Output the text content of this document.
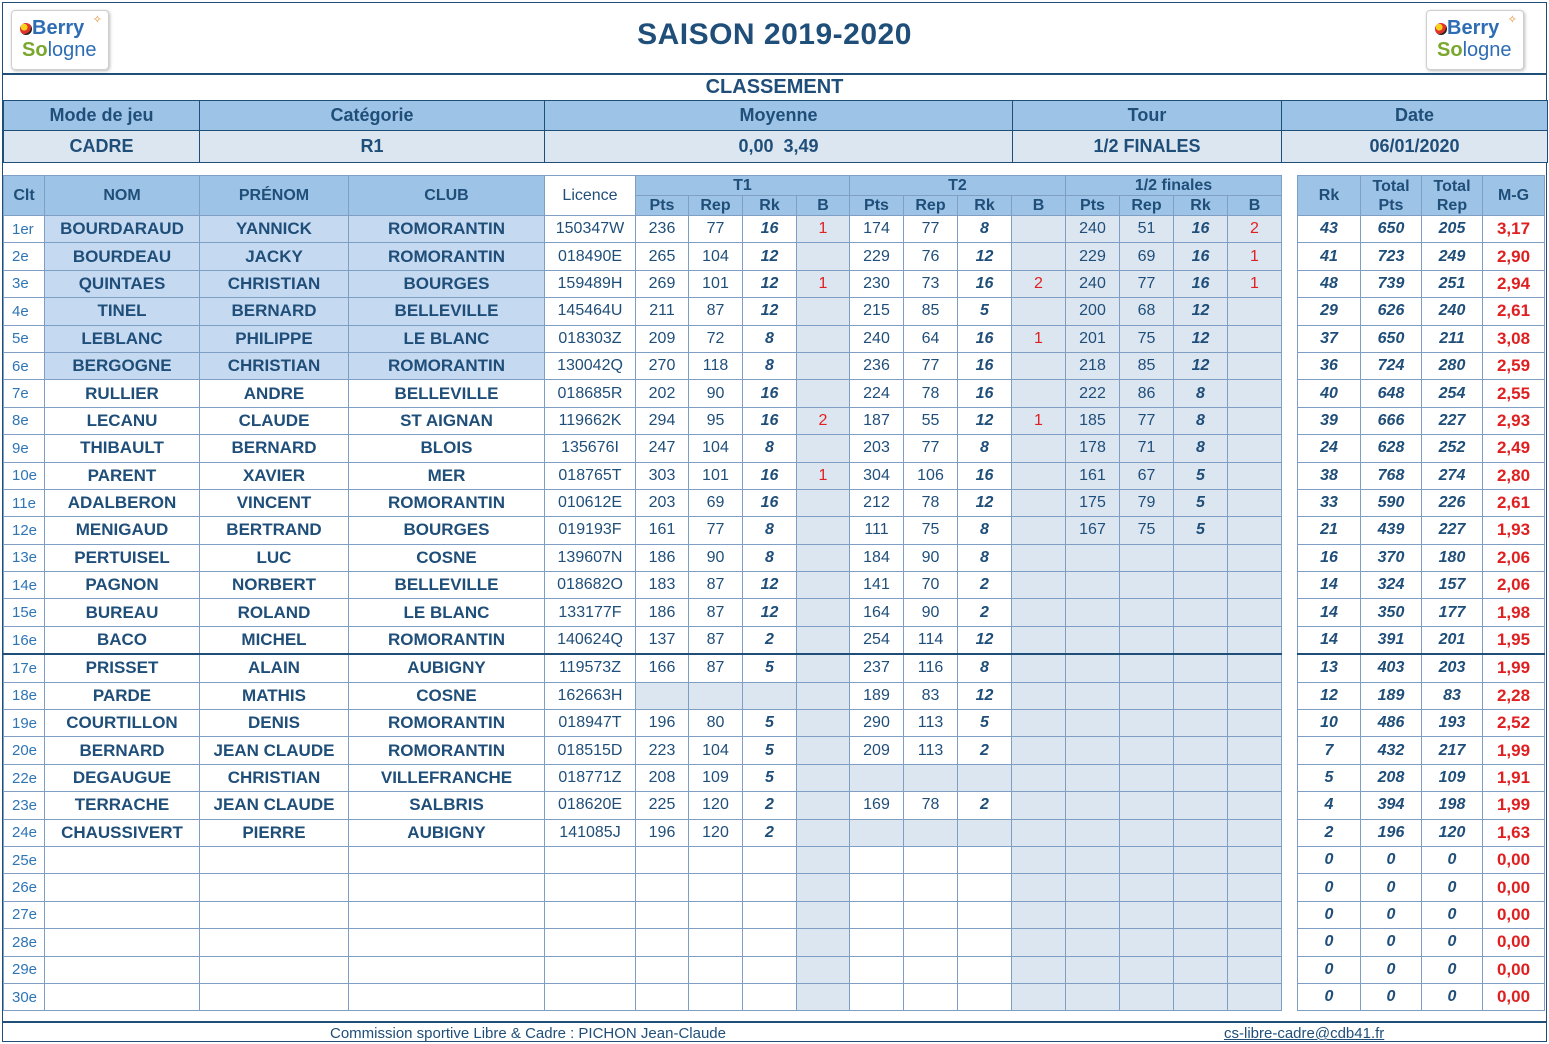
Berry
Sologne
✧	Berry
Sologne
✧
SAISON 2019-2020
CLASSEMENT
Mode de jeu	Catégorie	Moyenne	Tour	Date
CADRE	R1	0,00  3,49	1/2 FINALES	06/01/2020
Clt	NOM	PRÉNOM	CLUB	Licence	T1				T2				1/2 finales					Rk	Total Pts	Total Rep	M-G
					Pts	Rep	Rk	B	Pts	Rep	Rk	B	Pts	Rep	Rk	B					
1er	BOURDARAUD	YANNICK	ROMORANTIN	150347W	236	77	16	1	174	77	8		240	51	16	2		43	650	205	3,17
2e	BOURDEAU	JACKY	ROMORANTIN	018490E	265	104	12		229	76	12		229	69	16	1		41	723	249	2,90
3e	QUINTAES	CHRISTIAN	BOURGES	159489H	269	101	12	1	230	73	16	2	240	77	16	1		48	739	251	2,94
4e	TINEL	BERNARD	BELLEVILLE	145464U	211	87	12		215	85	5		200	68	12			29	626	240	2,61
5e	LEBLANC	PHILIPPE	LE BLANC	018303Z	209	72	8		240	64	16	1	201	75	12			37	650	211	3,08
6e	BERGOGNE	CHRISTIAN	ROMORANTIN	130042Q	270	118	8		236	77	16		218	85	12			36	724	280	2,59
7e	RULLIER	ANDRE	BELLEVILLE	018685R	202	90	16		224	78	16		222	86	8			40	648	254	2,55
8e	LECANU	CLAUDE	ST AIGNAN	119662K	294	95	16	2	187	55	12	1	185	77	8			39	666	227	2,93
9e	THIBAULT	BERNARD	BLOIS	135676I	247	104	8		203	77	8		178	71	8			24	628	252	2,49
10e	PARENT	XAVIER	MER	018765T	303	101	16	1	304	106	16		161	67	5			38	768	274	2,80
11e	ADALBERON	VINCENT	ROMORANTIN	010612E	203	69	16		212	78	12		175	79	5			33	590	226	2,61
12e	MENIGAUD	BERTRAND	BOURGES	019193F	161	77	8		111	75	8		167	75	5			21	439	227	1,93
13e	PERTUISEL	LUC	COSNE	139607N	186	90	8		184	90	8							16	370	180	2,06
14e	PAGNON	NORBERT	BELLEVILLE	018682O	183	87	12		141	70	2							14	324	157	2,06
15e	BUREAU	ROLAND	LE BLANC	133177F	186	87	12		164	90	2							14	350	177	1,98
16e	BACO	MICHEL	ROMORANTIN	140624Q	137	87	2		254	114	12							14	391	201	1,95
17e	PRISSET	ALAIN	AUBIGNY	119573Z	166	87	5		237	116	8							13	403	203	1,99
18e	PARDE	MATHIS	COSNE	162663H					189	83	12							12	189	83	2,28
19e	COURTILLON	DENIS	ROMORANTIN	018947T	196	80	5		290	113	5							10	486	193	2,52
20e	BERNARD	JEAN CLAUDE	ROMORANTIN	018515D	223	104	5		209	113	2							7	432	217	1,99
22e	DEGAUGUE	CHRISTIAN	VILLEFRANCHE	018771Z	208	109	5											5	208	109	1,91
23e	TERRACHE	JEAN CLAUDE	SALBRIS	018620E	225	120	2		169	78	2							4	394	198	1,99
24e	CHAUSSIVERT	PIERRE	AUBIGNY	141085J	196	120	2											2	196	120	1,63
25e																		0	0	0	0,00
26e																		0	0	0	0,00
27e																		0	0	0	0,00
28e																		0	0	0	0,00
29e																		0	0	0	0,00
30e																		0	0	0	0,00
Commission sportive Libre & Cadre : PICHON Jean-Claude	cs-libre-cadre@cdb41.fr
